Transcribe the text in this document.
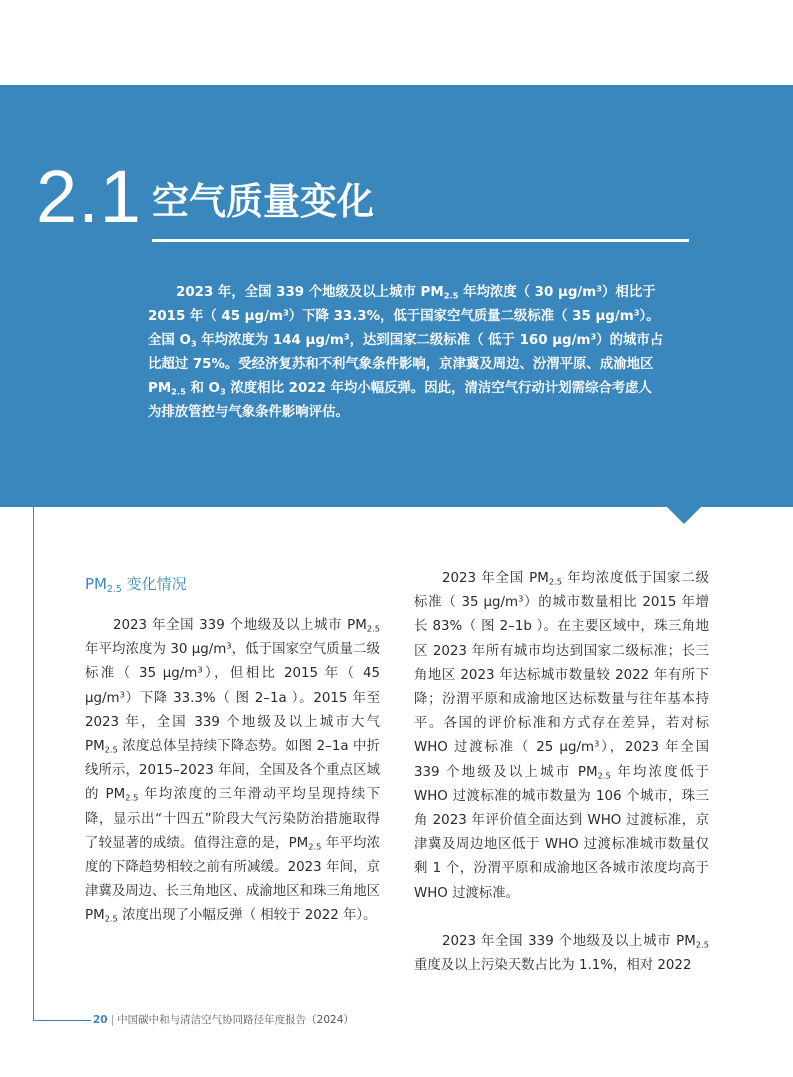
2.1 空气质量变化

2023 年，全国 339 个地级及以上城市 $PM_{2.5}$ 年均浓度（ 30 $\mu g/m^3$）相比于 2015 年（ 45 $\mu g/m^3$）下降 33.3%，低于国家空气质量二级标准（ 35 $\mu g/m^3$）。全国 $O_3$ 年均浓度为 144 $\mu g/m^3$，达到国家二级标准（ 低于 160 $\mu g/m^3$）的城市占比超过 75%。受经济复苏和不利气象条件影响，京津冀及周边、汾渭平原、成渝地区 $PM_{2.5}$ 和 $O_3$ 浓度相比 2022 年均小幅反弹。因此，清洁空气行动计划需综合考虑人为排放管控与气象条件影响评估。

$PM_{2.5}$ 变化情况

2023 年全国 339 个地级及以上城市 $PM_{2.5}$ 年平均浓度为 30 $\mu g/m^3$，低于国家空气质量二级标准（ 35 $\mu g/m^3$），但相比 2015 年（ 45 $\mu g/m^3$）下降 33.3%（ 图 2–1a ）。2015 年至 2023 年，全国 339 个地级及以上城市大气 $PM_{2.5}$ 浓度总体呈持续下降态势。如图 2–1a 中折线所示，2015–2023 年间，全国及各个重点区域的 $PM_{2.5}$ 年均浓度的三年滑动平均呈现持续下降，显示出“十四五”阶段大气污染防治措施取得了较显著的成绩。值得注意的是，$PM_{2.5}$ 年平均浓度的下降趋势相较之前有所减缓。2023 年间，京津冀及周边、长三角地区、成渝地区和珠三角地区 $PM_{2.5}$ 浓度出现了小幅反弹（ 相较于 2022 年）。

2023 年全国 $PM_{2.5}$ 年均浓度低于国家二级标准（ 35 $\mu g/m^3$）的城市数量相比 2015 年增长 83%（ 图 2–1b ）。在主要区域中，珠三角地区 2023 年所有城市均达到国家二级标准；长三角地区 2023 年达标城市数量较 2022 年有所下降；汾渭平原和成渝地区达标数量与往年基本持平。各国的评价标准和方式存在差异，若对标 WHO 过渡标准（ 25 $\mu g/m^3$），2023 年全国 339 个地级及以上城市 $PM_{2.5}$ 年均浓度低于 WHO 过渡标准的城市数量为 106 个城市，珠三角 2023 年评价值全面达到 WHO 过渡标准，京津冀及周边地区低于 WHO 过渡标准城市数量仅剩 1 个，汾渭平原和成渝地区各城市浓度均高于 WHO 过渡标准。

2023 年全国 339 个地级及以上城市 $PM_{2.5}$ 重度及以上污染天数占比为 1.1%，相对 2022

20 | 中国碳中和与清洁空气协同路径年度报告（2024）
